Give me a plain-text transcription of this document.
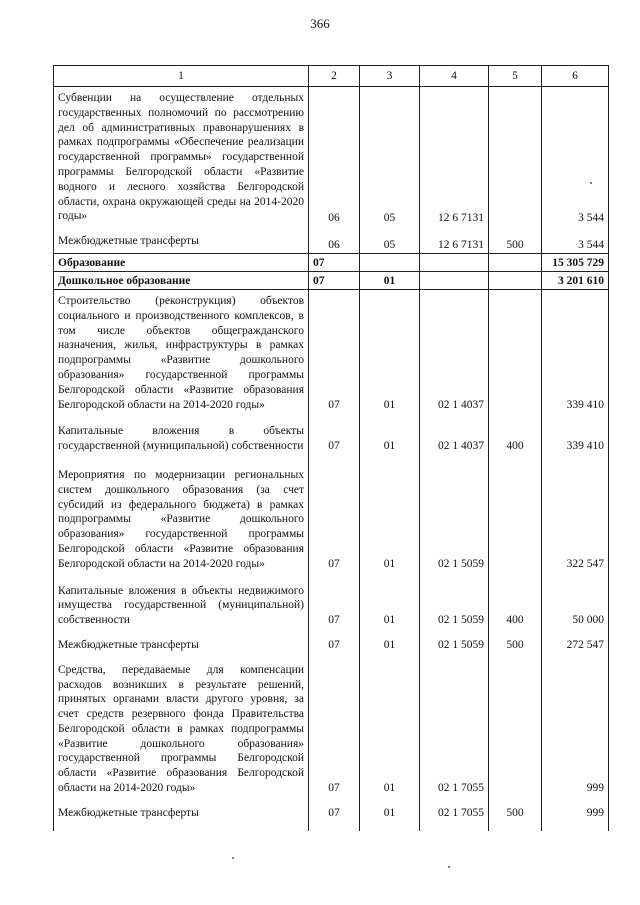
366
1	2	3	4	5	6
Субвенции на осуществление отдельных государственных полномочий по рассмотрению дел об административных правонарушениях в рамках подпрограммы «Обеспечение реализации государственной программы» государственной программы Белгородской области «Развитие водного и лесного хозяйства Белгородской области, охрана окружающей среды на 2014-2020 годы»	06	05	12 6 7131		3 544
Межбюджетные трансферты	06	05	12 6 7131	500	3 544
Образование	07				15 305 729
Дошкольное образование	07	01			3 201 610
Строительство (реконструкция) объектов социального и производственного комплексов, в том числе объектов общегражданского назначения, жилья, инфраструктуры в рамках подпрограммы «Развитие дошкольного образования» государственной программы Белгородской области «Развитие образования Белгородской области на 2014-2020 годы»	07	01	02 1 4037		339 410
Капитальные вложения в объекты государственной (муниципальной) собственности	07	01	02 1 4037	400	339 410
Мероприятия по модернизации региональных систем дошкольного образования (за счет субсидий из федерального бюджета) в рамках подпрограммы «Развитие дошкольного образования» государственной программы Белгородской области «Развитие образования Белгородской области на 2014-2020 годы»	07	01	02 1 5059		322 547
Капитальные вложения в объекты недвижимого имущества государственной (муниципальной) собственности	07	01	02 1 5059	400	50 000
Межбюджетные трансферты	07	01	02 1 5059	500	272 547
Средства, передаваемые для компенсации расходов возникших в результате решений, принятых органами власти другого уровня, за счет средств резервного фонда Правительства Белгородской области в рамках подпрограммы «Развитие дошкольного образования» государственной программы Белгородской области «Развитие образования Белгородской области на 2014-2020 годы»	07	01	02 1 7055		999
Межбюджетные трансферты	07	01	02 1 7055	500	999
